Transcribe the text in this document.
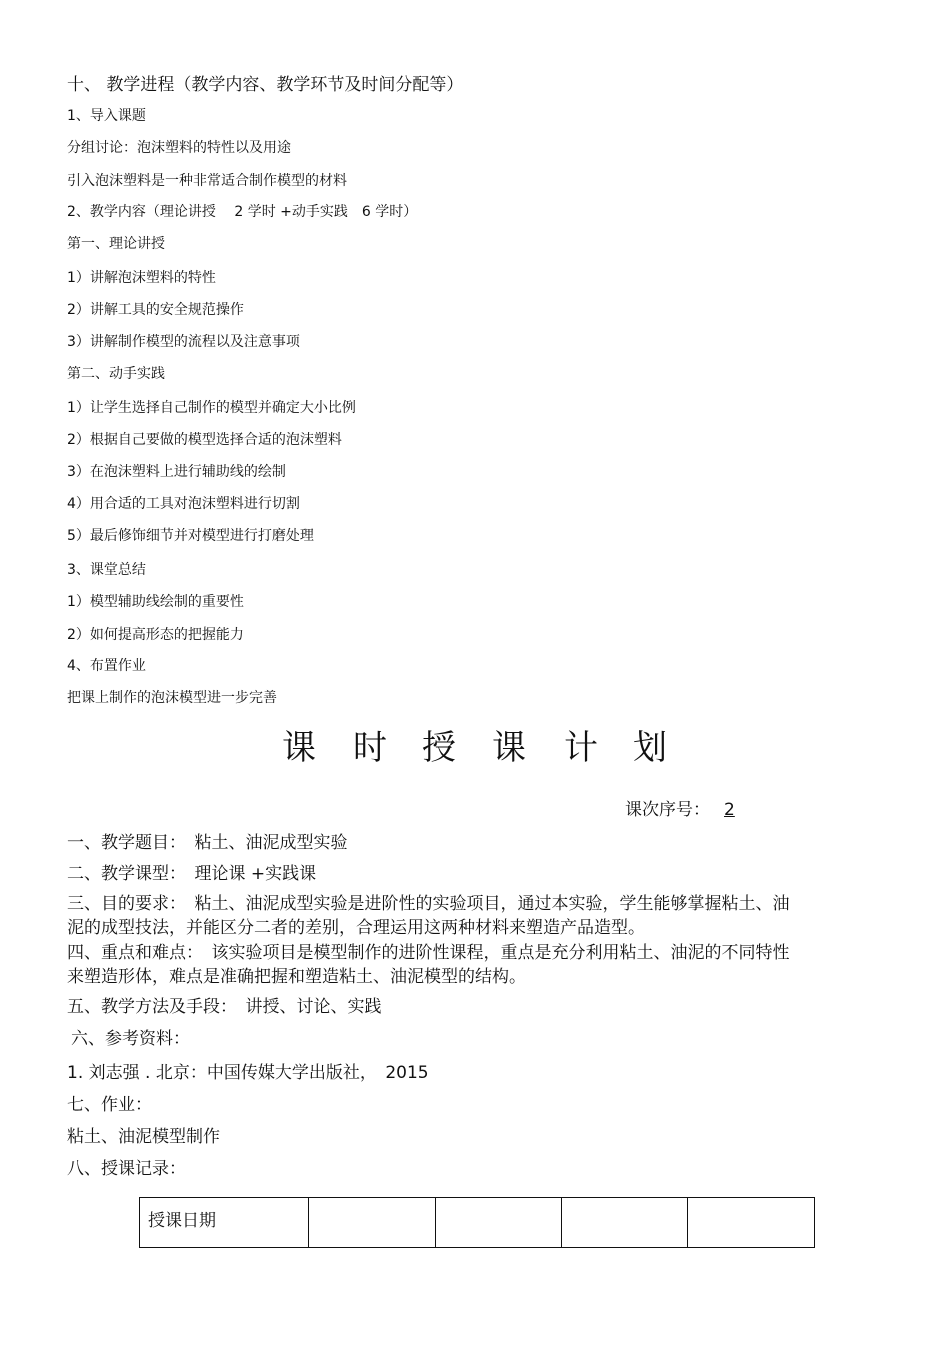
十、 教学进程（教学内容、教学环节及时间分配等）
1、导入课题
分组讨论：泡沫塑料的特性以及用途
引入泡沫塑料是一种非常适合制作模型的材料
2、教学内容（理论讲授　 2 学时 +动手实践　6 学时）
第一、理论讲授
1）讲解泡沫塑料的特性
2）讲解工具的安全规范操作
3）讲解制作模型的流程以及注意事项
第二、动手实践
1）让学生选择自己制作的模型并确定大小比例
2）根据自己要做的模型选择合适的泡沫塑料
3）在泡沫塑料上进行辅助线的绘制
4）用合适的工具对泡沫塑料进行切割
5）最后修饰细节并对模型进行打磨处理
3、课堂总结
1）模型辅助线绘制的重要性
2）如何提高形态的把握能力
4、布置作业
把课上制作的泡沫模型进一步完善
课 时 授 课 计 划
课次序号： 2
一、教学题目：　粘土、油泥成型实验
二、教学课型：　理论课 +实践课
三、目的要求：　粘土、油泥成型实验是进阶性的实验项目，通过本实验，学生能够掌握粘土、油
泥的成型技法，并能区分二者的差别，合理运用这两种材料来塑造产品造型。
四、重点和难点：　该实验项目是模型制作的进阶性课程，重点是充分利用粘土、油泥的不同特性
来塑造形体，难点是准确把握和塑造粘土、油泥模型的结构。
五、教学方法及手段：　讲授、讨论、实践
六、参考资料：
1. 刘志强 . 北京：中国传媒大学出版社，　2015
七、作业：
粘土、油泥模型制作
八、授课记录：
授课日期				
